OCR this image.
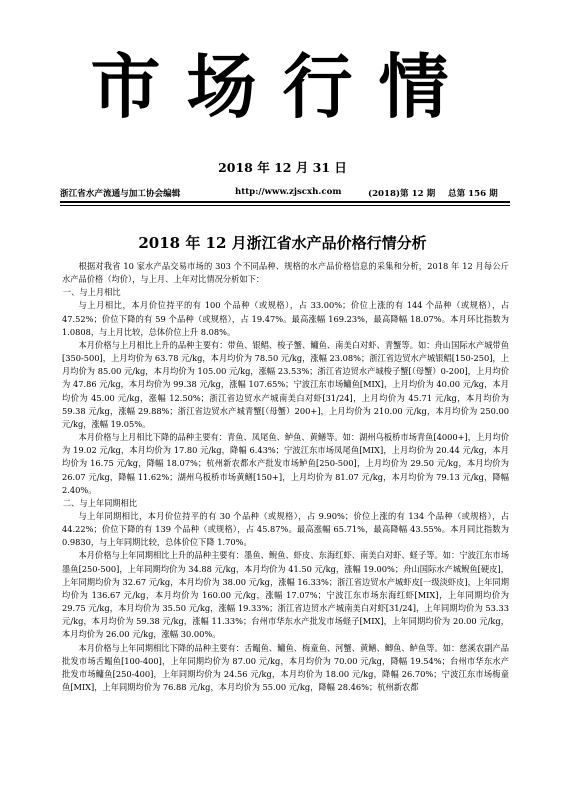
市场行情
2018 年 12 月 31 日
浙江省水产流通与加工协会编辑	http://www.zjscxh.com	(2018)第 12 期 总第 156 期
2018 年 12 月浙江省水产品价格行情分析

根据对我省 10 家水产品交易市场的 303 个不同品种、规格的水产品价格信息的采集和分析，2018 年 12 月每公斤水产品价格（均价），与上月、上年对比情况分析如下：

一、与上月相比

与上月相比，本月价位持平的有 100 个品种（或规格），占 33.00%；价位上涨的有 144 个品种（或规格），占 47.52%；价位下降的有 59 个品种（或规格），占 19.47%。最高涨幅 169.23%，最高降幅 18.07%。本月环比指数为 1.0808，与上月比较，总体价位上升 8.08%。

本月价格与上月相比上升的品种主要有：带鱼、银鲳、梭子蟹、鳙鱼、南美白对虾、青蟹等。如：舟山国际水产城带鱼[350-500]，上月均价为 63.78 元/kg，本月均价为 78.50 元/kg，涨幅 23.08%；浙江省边贸水产城银鲳[150-250]，上月均价为 85.00 元/kg，本月均价为 105.00 元/kg，涨幅 23.53%；浙江省边贸水产城梭子蟹[（母蟹）0-200]，上月均价为 47.86 元/kg，本月均价为 99.38 元/kg，涨幅 107.65%；宁波江东市场鳙鱼[MIX]，上月均价为 40.00 元/kg，本月均价为 45.00 元/kg，涨幅 12.50%；浙江省边贸水产城南美白对虾[31/24]，上月均价为 45.71 元/kg，本月均价为 59.38 元/kg，涨幅 29.88%；浙江省边贸水产城青蟹[（母蟹）200+]，上月均价为 210.00 元/kg，本月均价为 250.00 元/kg，涨幅 19.05%。

本月价格与上月相比下降的品种主要有：青鱼、凤尾鱼、鲈鱼、黄鳝等。如：湖州乌板桥市场青鱼[4000+]，上月均价为 19.02 元/kg，本月均价为 17.80 元/kg，降幅 6.43%；宁波江东市场凤尾鱼[MIX]，上月均价为 20.44 元/kg，本月均价为 16.75 元/kg，降幅 18.07%；杭州新农都水产批发市场鲈鱼[250-500]，上月均价为 29.50 元/kg，本月均价为 26.07 元/kg，降幅 11.62%；湖州乌板桥市场黄鳝[150+]，上月均价为 81.07 元/kg，本月均价为 79.13 元/kg，降幅 2.40%。

二、与上年同期相比

与上年同期相比，本月价位持平的有 30 个品种（或规格），占 9.90%；价位上涨的有 134 个品种（或规格），占 44.22%；价位下降的有 139 个品种（或规格），占 45.87%。最高涨幅 65.71%，最高降幅 43.55%。本月同比指数为 0.9830，与上年同期比较，总体价位下降 1.70%。

本月价格与上年同期相比上升的品种主要有：墨鱼、鲵鱼、虾皮、东海红虾、南美白对虾、蛏子等。如：宁波江东市场墨鱼[250-500]，上年同期均价为 34.88 元/kg，本月均价为 41.50 元/kg，涨幅 19.00%；舟山国际水产城鲵鱼[硬皮]，上年同期均价为 32.67 元/kg，本月均价为 38.00 元/kg，涨幅 16.33%；浙江省边贸水产城虾皮[一级淡虾皮]，上年同期均价为 136.67 元/kg，本月均价为 160.00 元/kg，涨幅 17.07%；宁波江东市场东海红虾[MIX]，上年同期均价为 29.75 元/kg，本月均价为 35.50 元/kg，涨幅 19.33%；浙江省边贸水产城南美白对虾[31/24]，上年同期均价为 53.33 元/kg，本月均价为 59.38 元/kg，涨幅 11.33%；台州市华东水产批发市场蛏子[MIX]，上年同期均价为 20.00 元/kg，本月均价为 26.00 元/kg，涨幅 30.00%。

本月价格与上年同期相比下降的品种主要有：舌鳎鱼、鳙鱼、梅童鱼、河蟹、黄鳝、鲫鱼、鲈鱼等。如：慈溪农副产品批发市场舌鳎鱼[100-400]，上年同期均价为 87.00 元/kg，本月均价为 70.00 元/kg，降幅 19.54%；台州市华东水产批发市场鳙鱼[250-400]，上年同期均价为 24.56 元/kg，本月均价为 18.00 元/kg，降幅 26.70%；宁波江东市场梅童鱼[MIX]，上年同期均价为 76.88 元/kg，本月均价为 55.00 元/kg，降幅 28.46%；杭州新农都
